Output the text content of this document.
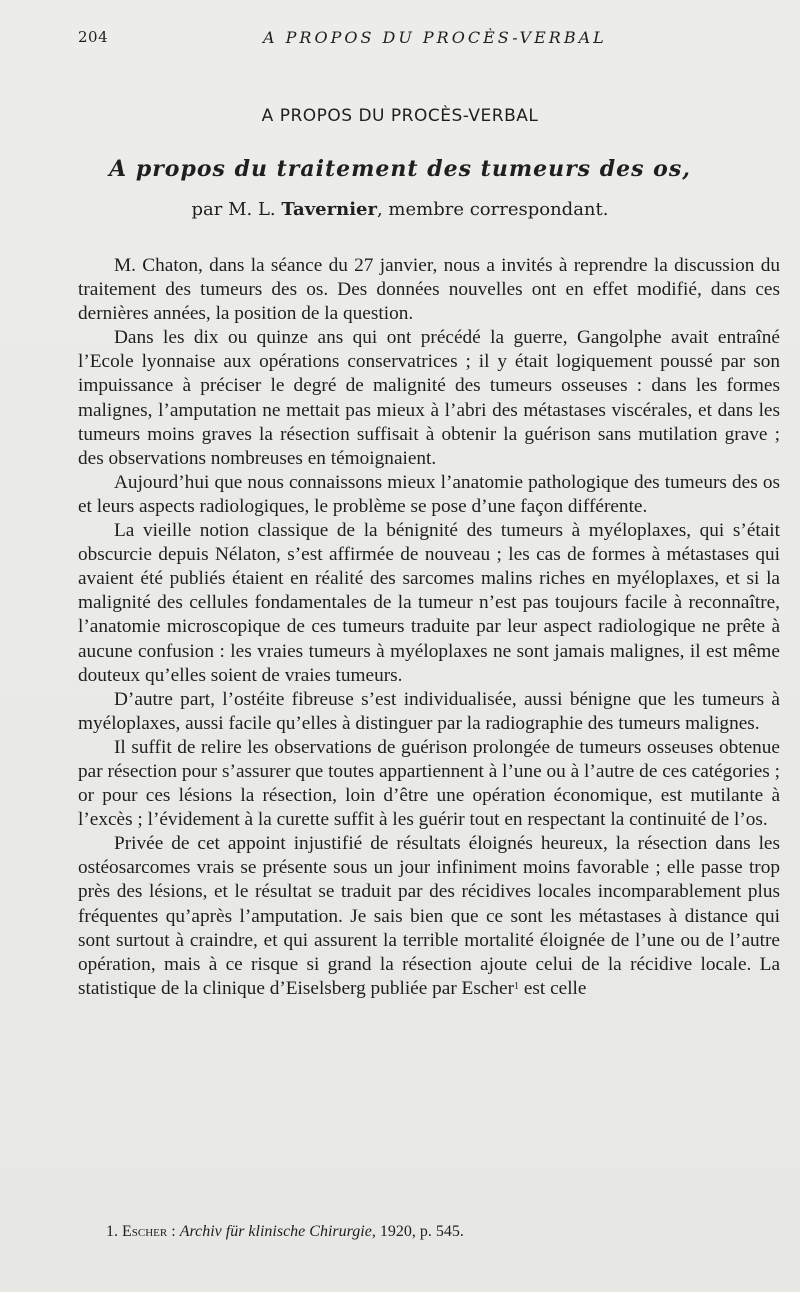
204	A PROPOS DU PROCÈS-VERBAL
A PROPOS DU PROCÈS-VERBAL
A propos du traitement des tumeurs des os,
par M. L. Tavernier, membre correspondant.

M. Chaton, dans la séance du 27 janvier, nous a invités à reprendre la discussion du traitement des tumeurs des os. Des données nouvelles ont en effet modifié, dans ces dernières années, la position de la question.

Dans les dix ou quinze ans qui ont précédé la guerre, Gangolphe avait entraîné l’Ecole lyonnaise aux opérations conservatrices ; il y était logiquement poussé par son impuissance à préciser le degré de malignité des tumeurs osseuses : dans les formes malignes, l’amputation ne mettait pas mieux à l’abri des métastases viscérales, et dans les tumeurs moins graves la résection suffisait à obtenir la guérison sans mutilation grave ; des observations nombreuses en témoignaient.

Aujourd’hui que nous connaissons mieux l’anatomie pathologique des tumeurs des os et leurs aspects radiologiques, le problème se pose d’une façon différente.

La vieille notion classique de la bénignité des tumeurs à myéloplaxes, qui s’était obscurcie depuis Nélaton, s’est affirmée de nouveau ; les cas de formes à métastases qui avaient été publiés étaient en réalité des sarcomes malins riches en myéloplaxes, et si la malignité des cellules fondamentales de la tumeur n’est pas toujours facile à reconnaître, l’anatomie microscopique de ces tumeurs traduite par leur aspect radiologique ne prête à aucune confusion : les vraies tumeurs à myéloplaxes ne sont jamais malignes, il est même douteux qu’elles soient de vraies tumeurs.

D’autre part, l’ostéite fibreuse s’est individualisée, aussi bénigne que les tumeurs à myéloplaxes, aussi facile qu’elles à distinguer par la radiographie des tumeurs malignes.

Il suffit de relire les observations de guérison prolongée de tumeurs osseuses obtenue par résection pour s’assurer que toutes appartiennent à l’une ou à l’autre de ces catégories ; or pour ces lésions la résection, loin d’être une opération économique, est mutilante à l’excès ; l’évidement à la curette suffit à les guérir tout en respectant la continuité de l’os.

Privée de cet appoint injustifié de résultats éloignés heureux, la résection dans les ostéosarcomes vrais se présente sous un jour infiniment moins favorable ; elle passe trop près des lésions, et le résultat se traduit par des récidives locales incomparablement plus fréquentes qu’après l’amputation. Je sais bien que ce sont les métastases à distance qui sont surtout à craindre, et qui assurent la terrible mortalité éloignée de l’une ou de l’autre opération, mais à ce risque si grand la résection ajoute celui de la récidive locale. La statistique de la clinique d’Eiselsberg publiée par Escher$^1$ est celle

1. Escher : Archiv für klinische Chirurgie, 1920, p. 545.
